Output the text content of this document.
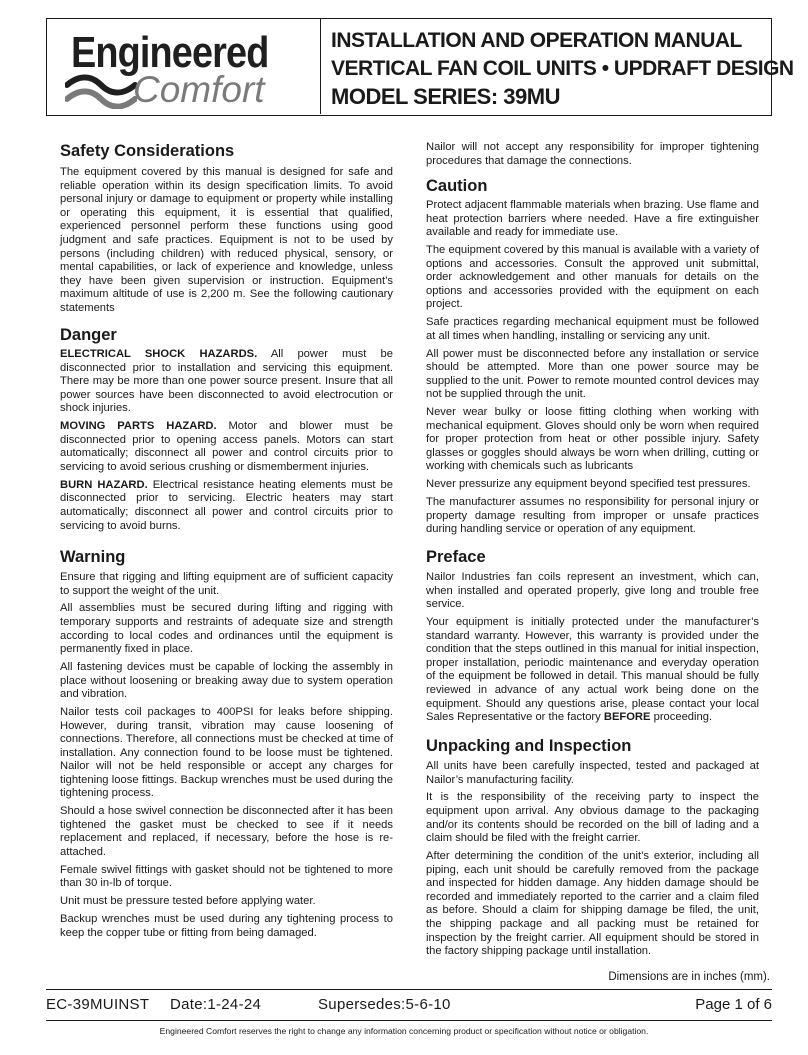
Engineered
Comfort
INSTALLATION AND OPERATION MANUAL
VERTICAL FAN COIL UNITS • UPDRAFT DESIGN
MODEL SERIES: 39MU
Safety Considerations
The equipment covered by this manual is designed for safe and reliable operation within its design specification limits. To avoid personal injury or damage to equipment or property while installing or operating this equipment, it is essential that qualified, experienced personnel perform these functions using good judgment and safe practices. Equipment is not to be used by persons (including children) with reduced physical, sensory, or mental capabilities, or lack of experience and knowledge, unless they have been given supervision or instruction. Equipment’s maximum altitude of use is 2,200 m. See the following cautionary statements
Danger
ELECTRICAL SHOCK HAZARDS. All power must be disconnected prior to installation and servicing this equipment. There may be more than one power source present. Insure that all power sources have been disconnected to avoid electrocution or shock injuries.
MOVING PARTS HAZARD. Motor and blower must be disconnected prior to opening access panels. Motors can start automatically; disconnect all power and control circuits prior to servicing to avoid serious crushing or dismemberment injuries.
BURN HAZARD. Electrical resistance heating elements must be disconnected prior to servicing. Electric heaters may start automatically; disconnect all power and control circuits prior to servicing to avoid burns.
Warning
Ensure that rigging and lifting equipment are of sufficient capacity to support the weight of the unit.
All assemblies must be secured during lifting and rigging with temporary supports and restraints of adequate size and strength according to local codes and ordinances until the equipment is permanently fixed in place.
All fastening devices must be capable of locking the assembly in place without loosening or breaking away due to system operation and vibration.
Nailor tests coil packages to 400PSI for leaks before shipping. However, during transit, vibration may cause loosening of connections. Therefore, all connections must be checked at time of installation. Any connection found to be loose must be tightened. Nailor will not be held responsible or accept any charges for tightening loose fittings. Backup wrenches must be used during the tightening process.
Should a hose swivel connection be disconnected after it has been tightened the gasket must be checked to see if it needs replacement and replaced, if necessary, before the hose is re-attached.
Female swivel fittings with gasket should not be tightened to more than 30 in-lb of torque.
Unit must be pressure tested before applying water.
Backup wrenches must be used during any tightening process to keep the copper tube or fitting from being damaged.
Nailor will not accept any responsibility for improper tightening procedures that damage the connections.
Caution
Protect adjacent flammable materials when brazing. Use flame and heat protection barriers where needed. Have a fire extinguisher available and ready for immediate use.
The equipment covered by this manual is available with a variety of options and accessories. Consult the approved unit submittal, order acknowledgement and other manuals for details on the options and accessories provided with the equipment on each project.
Safe practices regarding mechanical equipment must be followed at all times when handling, installing or servicing any unit.
All power must be disconnected before any installation or service should be attempted. More than one power source may be supplied to the unit. Power to remote mounted control devices may not be supplied through the unit.
Never wear bulky or loose fitting clothing when working with mechanical equipment. Gloves should only be worn when required for proper protection from heat or other possible injury. Safety glasses or goggles should always be worn when drilling, cutting or working with chemicals such as lubricants
Never pressurize any equipment beyond specified test pressures.
The manufacturer assumes no responsibility for personal injury or property damage resulting from improper or unsafe practices during handling service or operation of any equipment.
Preface
Nailor Industries fan coils represent an investment, which can, when installed and operated properly, give long and trouble free service.
Your equipment is initially protected under the manufacturer’s standard warranty. However, this warranty is provided under the condition that the steps outlined in this manual for initial inspection, proper installation, periodic maintenance and everyday operation of the equipment be followed in detail. This manual should be fully reviewed in advance of any actual work being done on the equipment. Should any questions arise, please contact your local Sales Representative or the factory BEFORE proceeding.
Unpacking and Inspection
All units have been carefully inspected, tested and packaged at Nailor’s manufacturing facility.
It is the responsibility of the receiving party to inspect the equipment upon arrival. Any obvious damage to the packaging and/or its contents should be recorded on the bill of lading and a claim should be filed with the freight carrier.
After determining the condition of the unit’s exterior, including all piping, each unit should be carefully removed from the package and inspected for hidden damage. Any hidden damage should be recorded and immediately reported to the carrier and a claim filed as before. Should a claim for shipping damage be filed, the unit, the shipping package and all packing must be retained for inspection by the freight carrier. All equipment should be stored in the factory shipping package until installation.
Dimensions are in inches (mm).
EC-39MUINST Date:1-24-24	Supersedes:5-6-10	Page 1 of 6
Engineered Comfort reserves the right to change any information concerning product or specification without notice or obligation.
